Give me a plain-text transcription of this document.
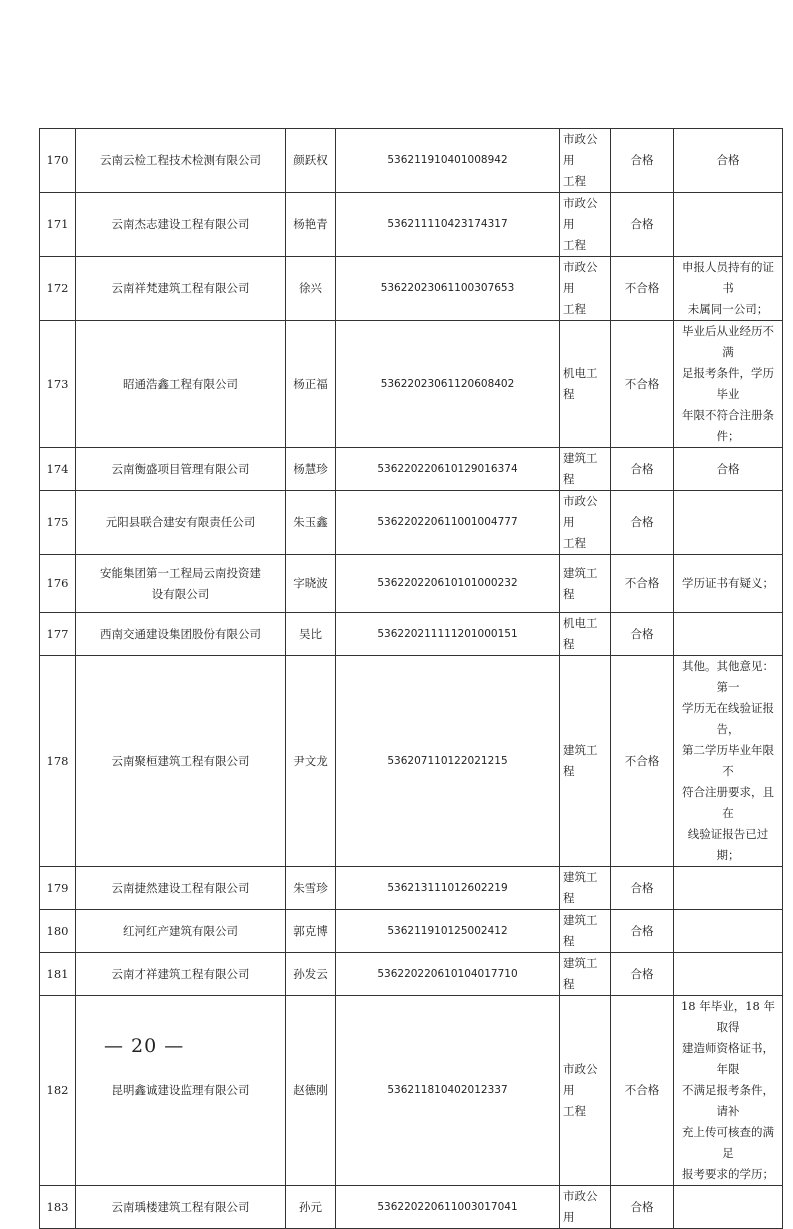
170	云南云检工程技术检测有限公司	颜跃权	536211910401008942	市政公用
工程	合格	合格

171	云南杰志建设工程有限公司	杨艳青	536211110423174317	市政公用
工程	合格	
172	云南祥梵建筑工程有限公司	徐兴	53622023061100307653	市政公用
工程	不合格	申报人员持有的证书
未属同一公司；

173	昭通浩鑫工程有限公司	杨正福	53622023061120608402	机电工程	不合格	毕业后从业经历不满
足报考条件，学历毕业
年限不符合注册条件；

174	云南衡盛项目管理有限公司	杨慧珍	536220220610129016374	建筑工程	合格	合格

175	元阳县联合建安有限责任公司	朱玉鑫	536220220611001004777	市政公用
工程	合格	
176	安能集团第一工程局云南投资建
设有限公司	字晓波	536220220610101000232	建筑工程	不合格	学历证书有疑义；

177	西南交通建设集团股份有限公司	吴比	536220211111201000151	机电工程	合格	
178	云南聚桓建筑工程有限公司	尹文龙	536207110122021215	建筑工程	不合格	其他。其他意见：第一
学历无在线验证报告，
第二学历毕业年限不
符合注册要求，且在
线验证报告已过期；

179	云南捷然建设工程有限公司	朱雪珍	536213111012602219	建筑工程	合格	
180	红河红产建筑有限公司	郭克博	536211910125002412	建筑工程	合格	
181	云南才祥建筑工程有限公司	孙发云	536220220610104017710	建筑工程	合格	
182	昆明鑫诚建设监理有限公司	赵德刚	536211810402012337	市政公用
工程	不合格	18 年毕业，18 年取得
建造师资格证书，年限
不满足报考条件，请补
充上传可核查的满足
报考要求的学历；

183	云南瑀楼建筑工程有限公司	孙元	536220220611003017041	市政公用	合格	
— 20 —
